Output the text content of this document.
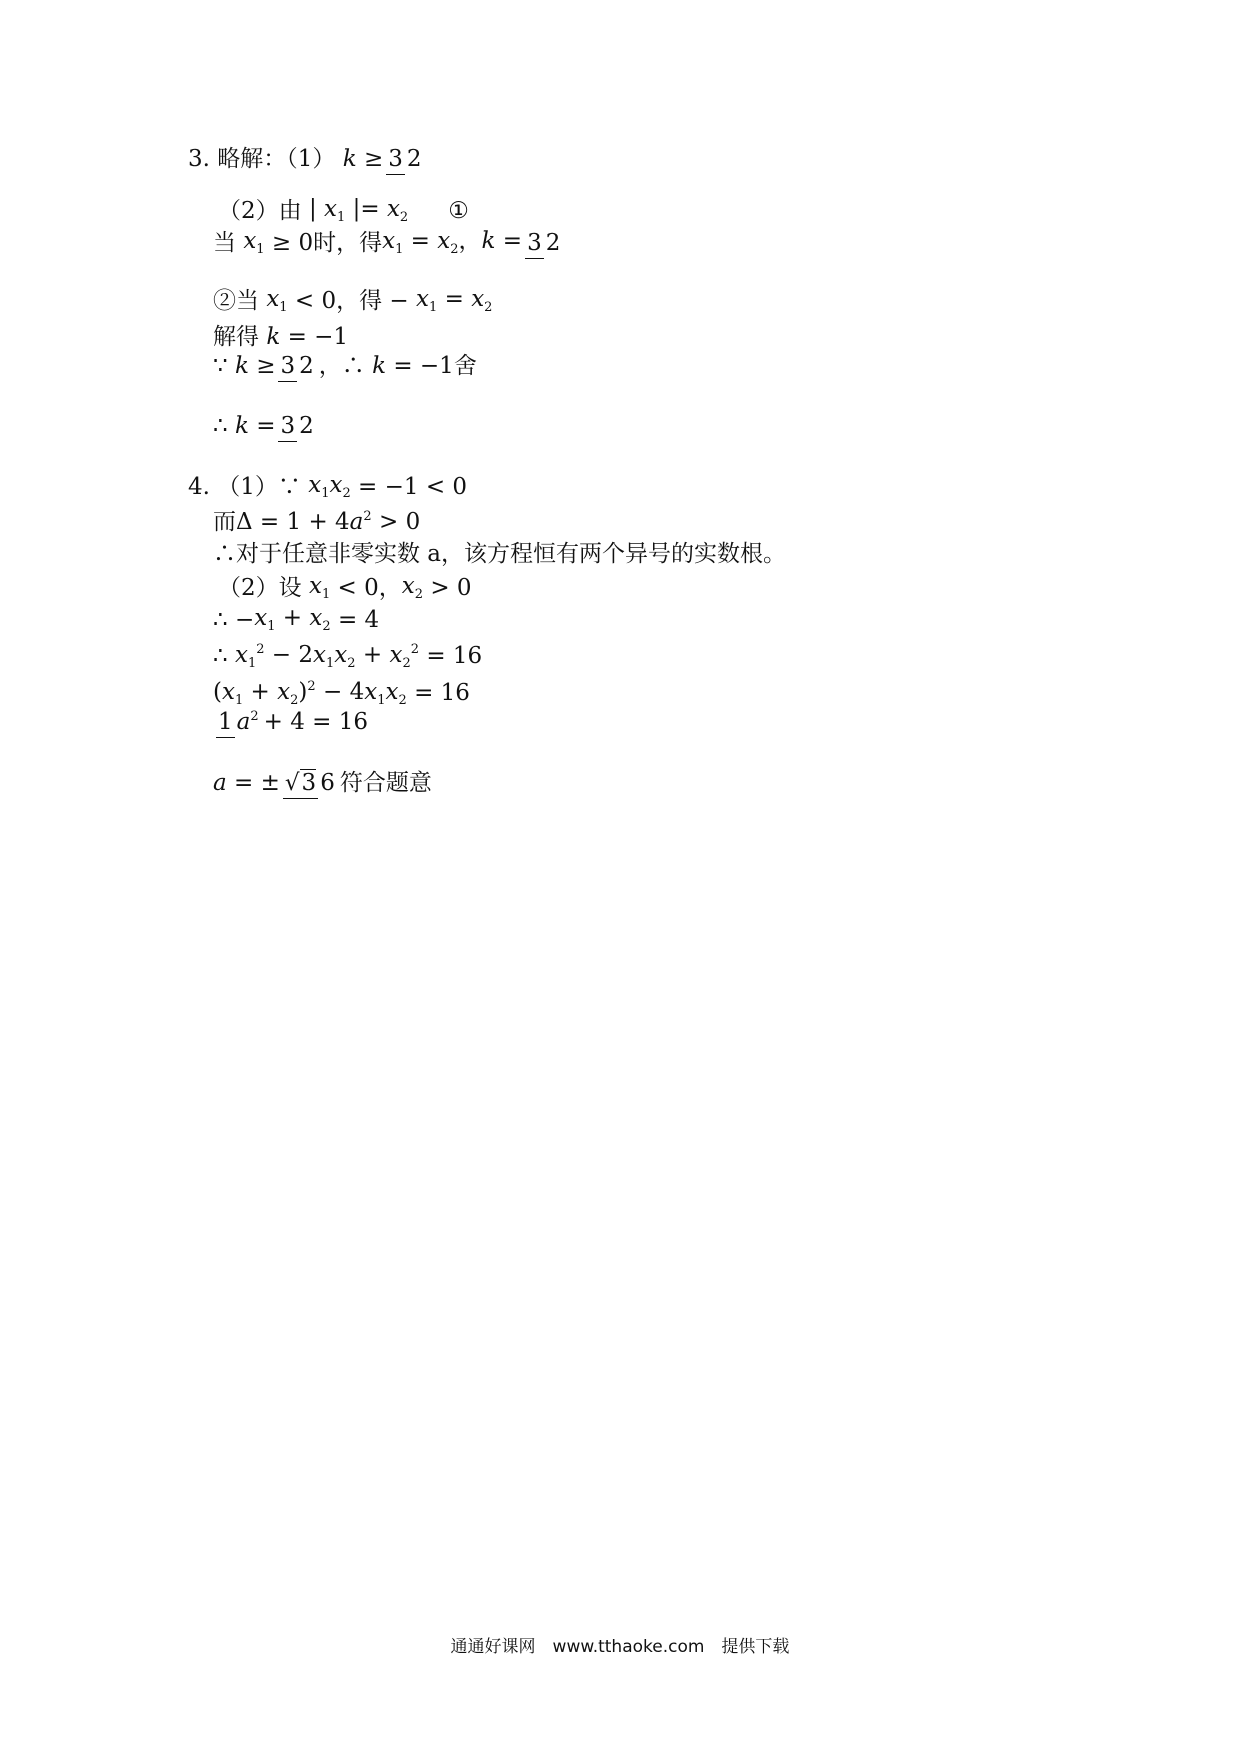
3. 略解：（1） k ≥ 3 2
（2）由 | $x_1$ |= $x_2$ ①
当 $x_1 \ge 0$时，得 $x_1 = x_2$，k = 3 2
②当 $x_1 < 0$，得 − $x_1 = x_2$
解得 k = −1
∵ k ≥ 3 2 ，∴ k = −1舍
∴ k = 3 2
4. （1）∵ $x_1x_2 = -1 < 0$
而Δ = 1 + 4 $a^2 > 0$
∴对于任意非零实数 a，该方程恒有两个异号的实数根。
（2）设 $x_1 < 0$， $x_2 > 0$
∴ − $x_1 + x_2 = 4$
∴ $x_1^2 - 2x_1x_2 + x_2^2 = 16$
$(x_1 + x_2)^2 - 4x_1x_2 = 16$
1 $a^2 + 4 = 16$
a = ± √3 6 符合题意
通通好课网　www.tthaoke.com　提供下载
